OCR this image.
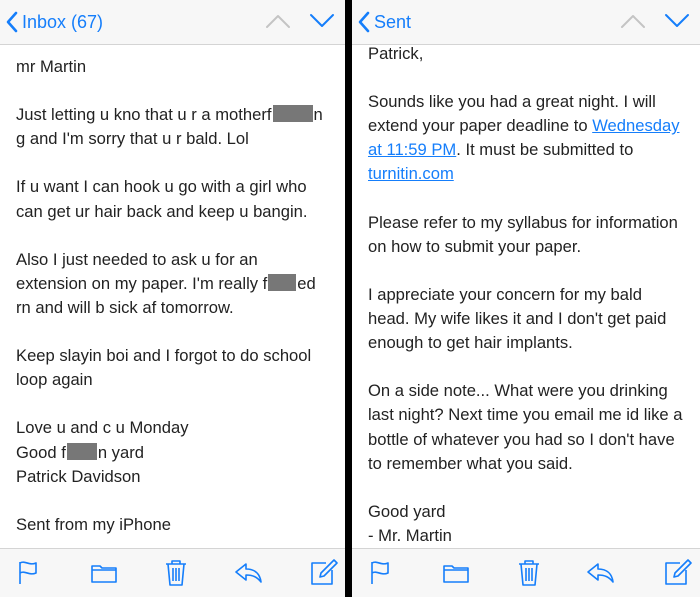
Inbox (67)
mr Martin
Just letting u kno that u r a motherf	n
g and I'm sorry that u r bald. Lol
If u want I can hook u go with a girl who
can get ur hair back and keep u bangin.
Also I just needed to ask u for an
extension on my paper. I'm really f ed
rn and will b sick af tomorrow.
Keep slayin boi and I forgot to do school
loop again
Love u and c u Monday
Good f n yard
Patrick Davidson
Sent from my iPhone
Sent
Patrick,
Sounds like you had a great night. I will
extend your paper deadline to Wednesday
at 11:59 PM. It must be submitted to
turnitin.com
Please refer to my syllabus for information
on how to submit your paper.
I appreciate your concern for my bald
head. My wife likes it and I don't get paid
enough to get hair implants.
On a side note... What were you drinking
last night? Next time you email me id like a
bottle of whatever you had so I don't have
to remember what you said.
Good yard
- Mr. Martin
